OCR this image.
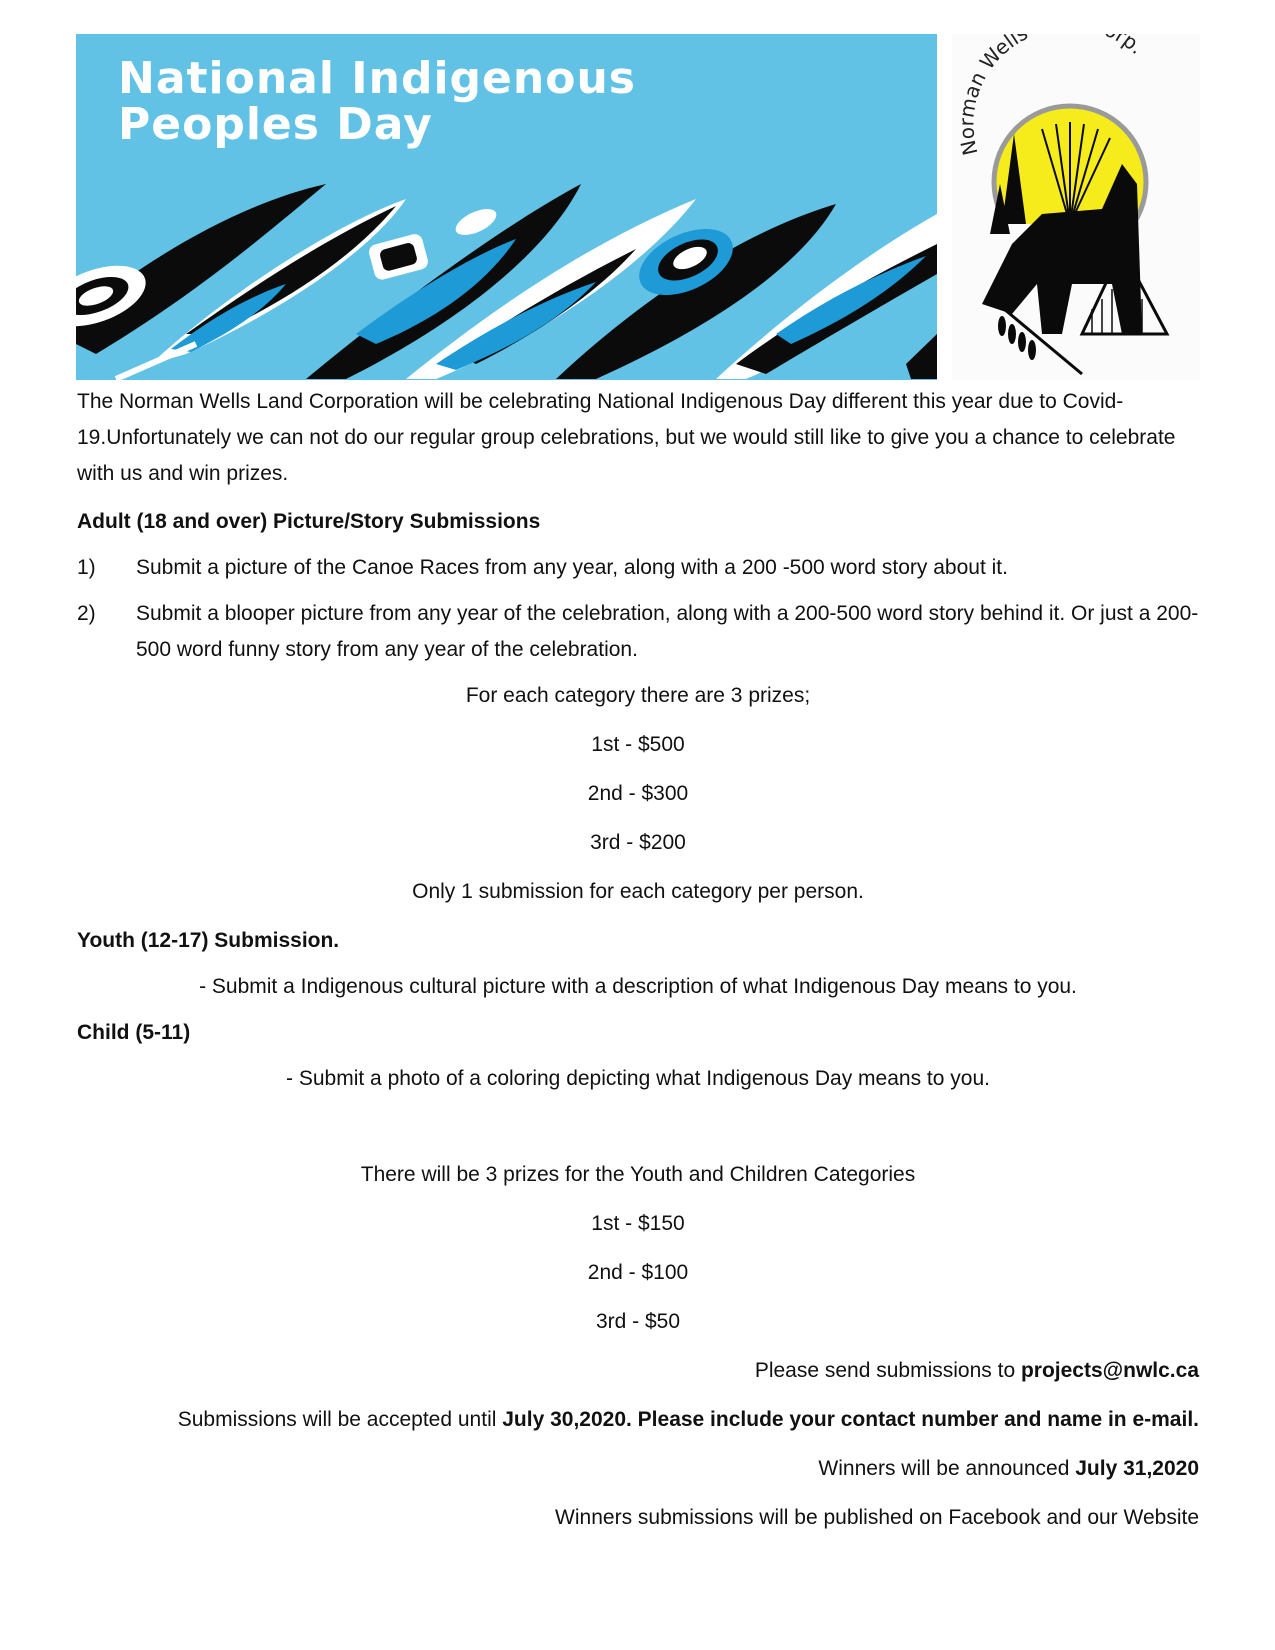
National Indigenous
Peoples Day	Norman Well rp.

The Norman Wells Land Corporation will be celebrating National Indigenous Day different this year due to Covid-19.Unfortunately we can not do our regular group celebrations, but we would still like to give you a chance to celebrate with us and win prizes.

Adult (18 and over) Picture/Story Submissions

1)	Submit a picture of the Canoe Races from any year, along with a 200 -500 word story about it.
2)	Submit a blooper picture from any year of the celebration, along with a 200-500 word story behind it. Or just a 200-500 word funny story from any year of the celebration.

For each category there are 3 prizes;

1st - $500

2nd - $300

3rd - $200

Only 1 submission for each category per person.

Youth (12-17) Submission.

- Submit a Indigenous cultural picture with a description of what Indigenous Day means to you.

Child (5-11)

- Submit a photo of a coloring depicting what Indigenous Day means to you.

There will be 3 prizes for the Youth and Children Categories

1st - $150

2nd - $100

3rd - $50

Please send submissions to projects@nwlc.ca

Submissions will be accepted until July 30,2020. Please include your contact number and name in e-mail.

Winners will be announced July 31,2020

Winners submissions will be published on Facebook and our Website
